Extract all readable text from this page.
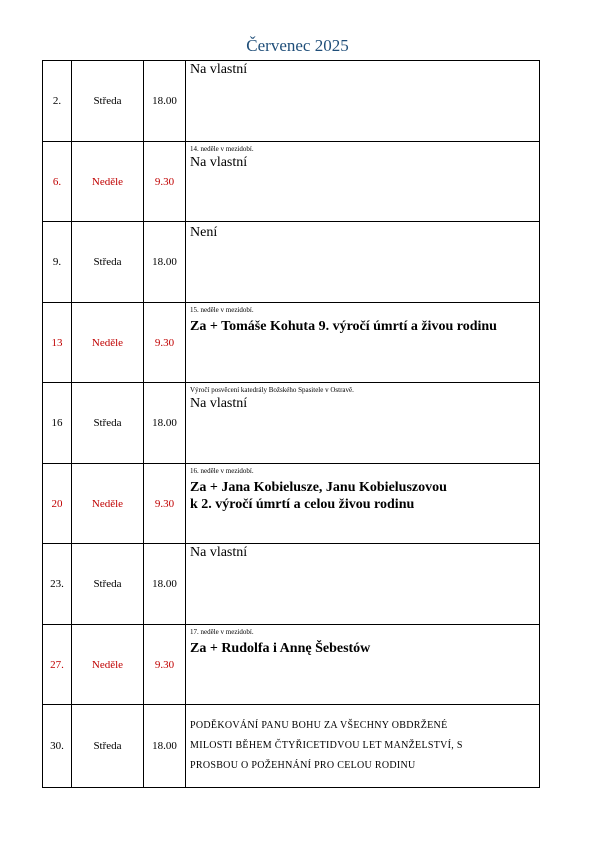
Červenec 2025
2.	Středa	18.00	Na vlastní

6.	Neděle	9.30	14. neděle v mezidobí.
Na vlastní

9.	Středa	18.00	Není

13	Neděle	9.30	15. neděle v mezidobí.
Za + Tomáše Kohuta 9. výročí úmrtí a živou rodinu

16	Středa	18.00	Výročí posvěcení katedrály Božského Spasitele v Ostravě.
Na vlastní

20	Neděle	9.30	16. neděle v mezidobí.
Za + Jana Kobielusze, Janu Kobieluszovou
k 2. výročí úmrtí a celou živou rodinu

23.	Středa	18.00	Na vlastní

27.	Neděle	9.30	17. neděle v mezidobí.
Za + Rudolfa i Annę Šebestów

30.	Středa	18.00	PODĚKOVÁNÍ PANU BOHU ZA VŠECHNY OBDRŽENÉ
MILOSTI BĚHEM ČTYŘICETIDVOU LET MANŽELSTVÍ, S
PROSBOU O POŽEHNÁNÍ PRO CELOU RODINU
